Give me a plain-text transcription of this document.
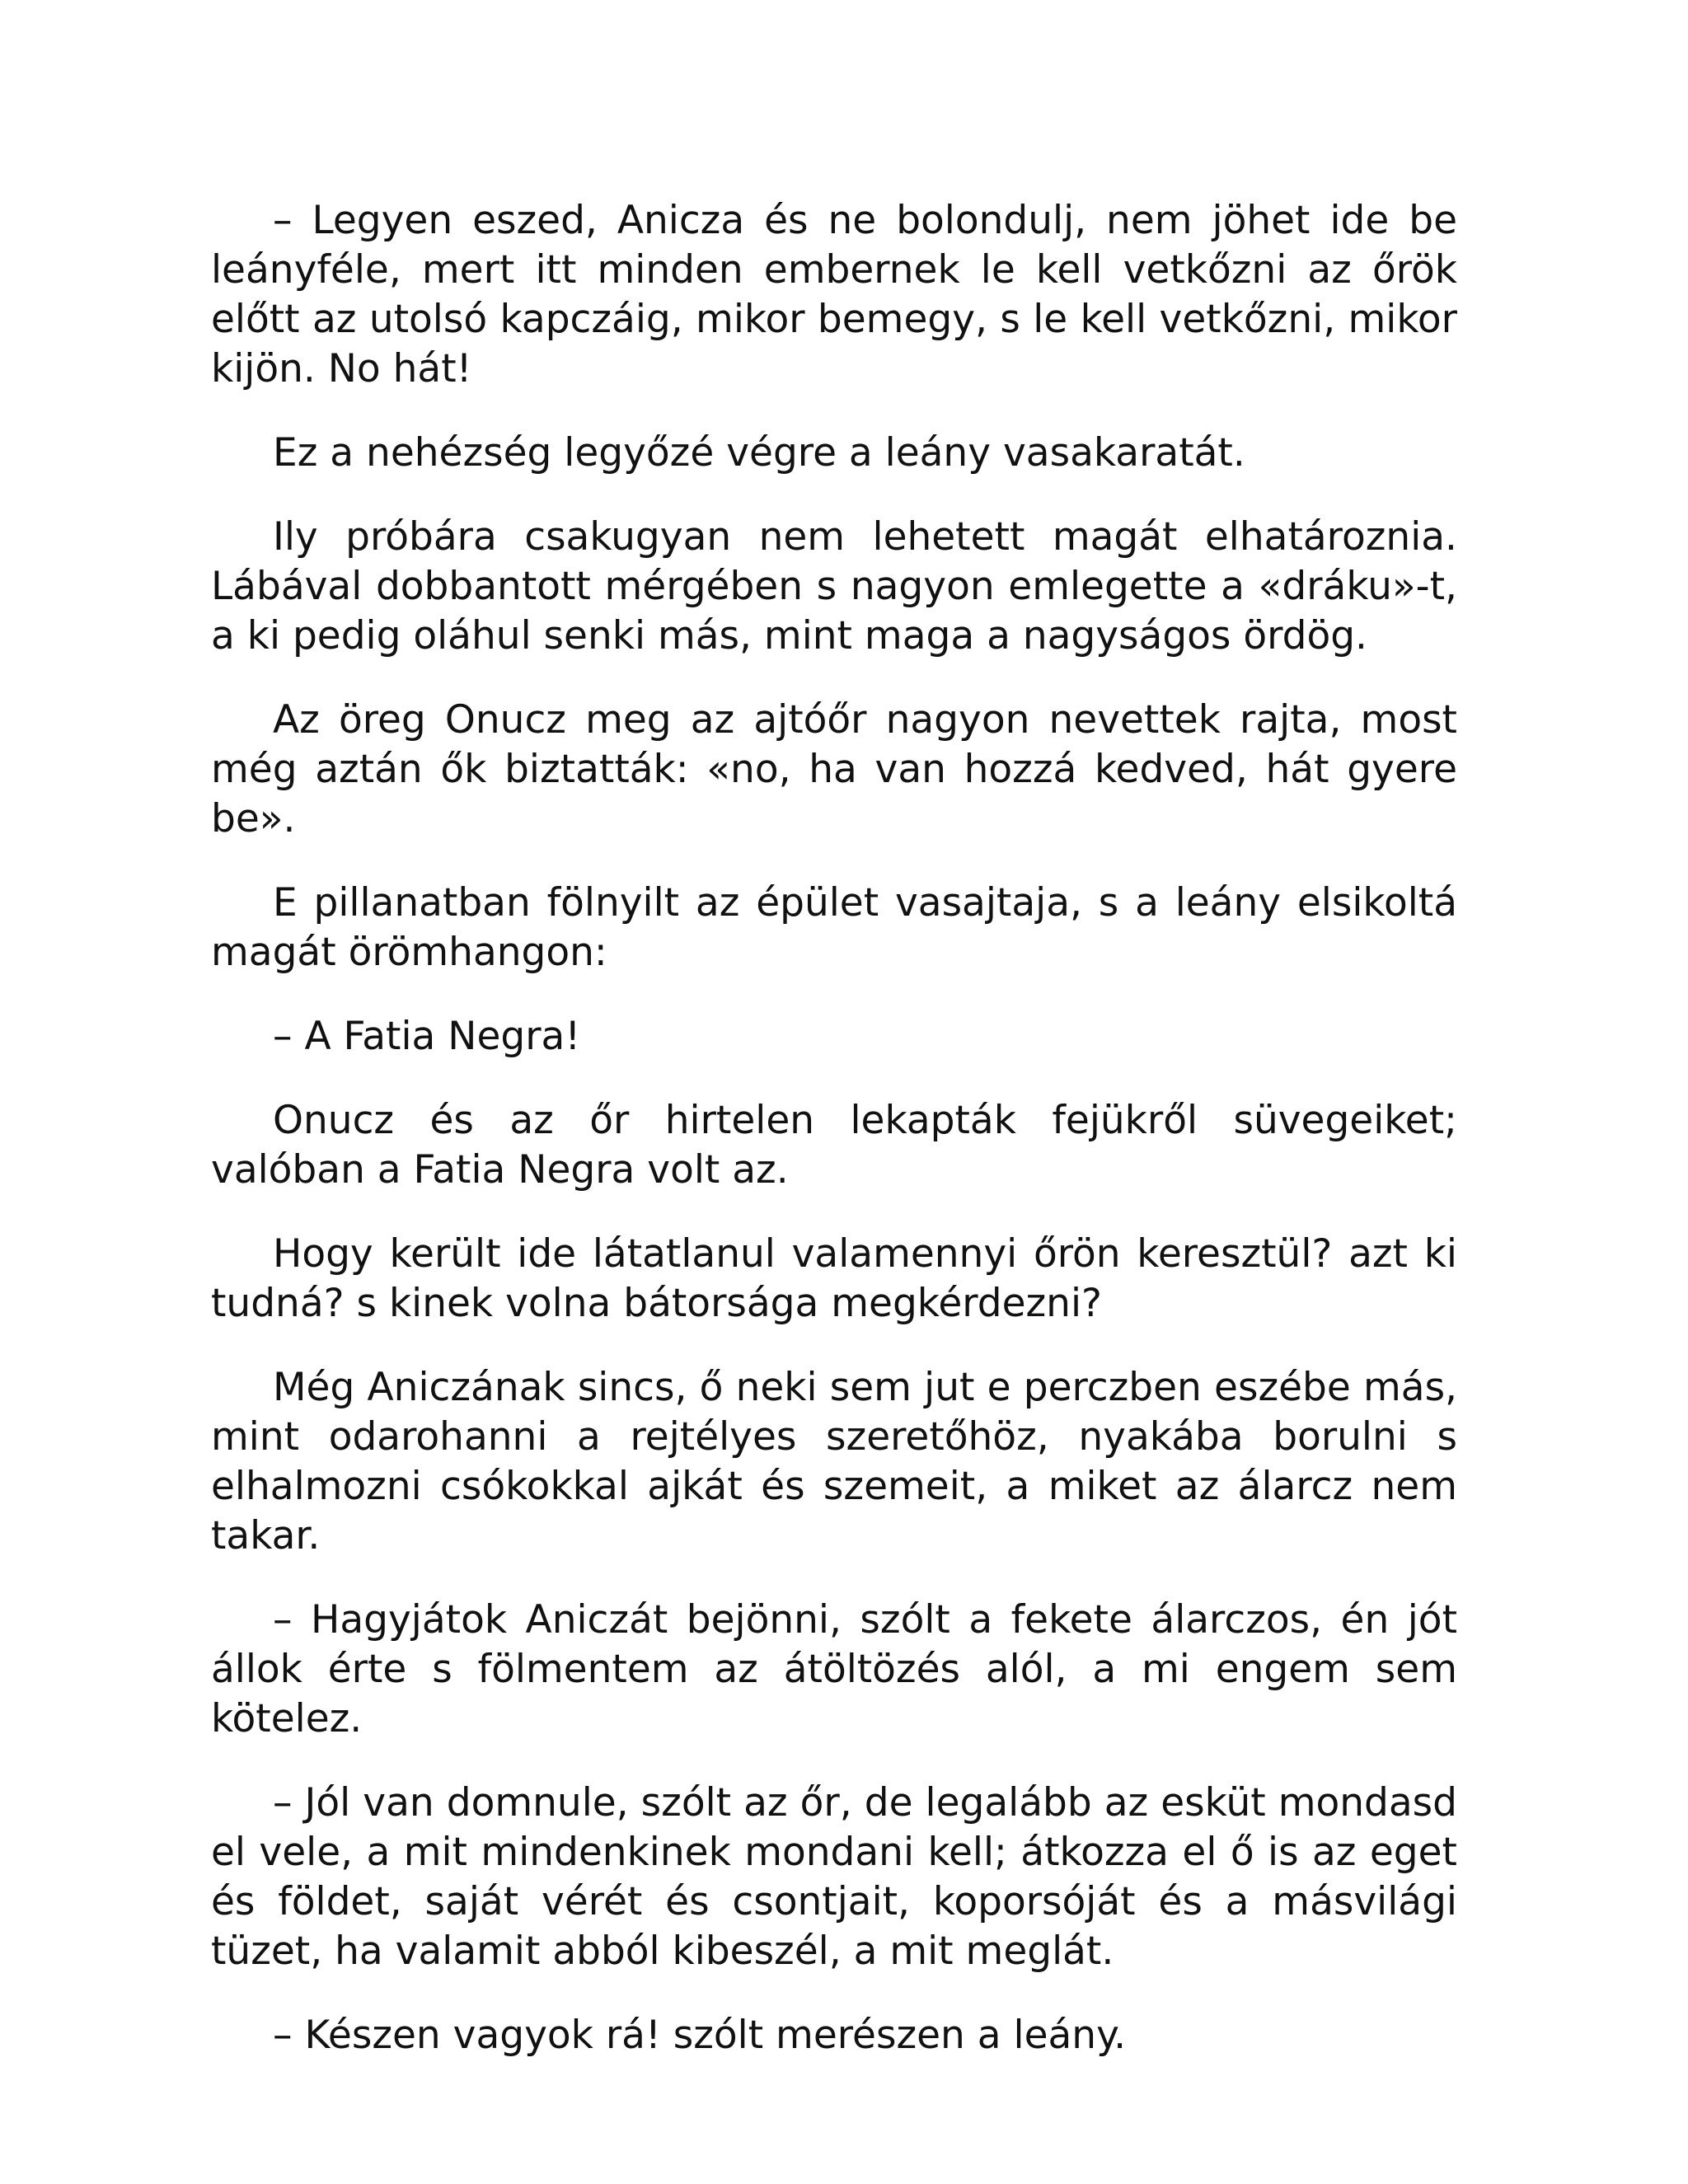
– Legyen eszed, Anicza és ne bolondulj, nem jöhet ide be leányféle, mert itt minden embernek le kell vetkőzni az őrök előtt az utolsó kapczáig, mikor bemegy, s le kell vetkőzni, mikor kijön. No hát!

Ez a nehézség legyőzé végre a leány vasakaratát.

Ily próbára csakugyan nem lehetett magát elhatároznia. Lábával dobbantott mérgében s nagyon emlegette a «dráku»-t, a ki pedig oláhul senki más, mint maga a nagyságos ördög.

Az öreg Onucz meg az ajtóőr nagyon nevettek rajta, most még aztán ők biztatták: «no, ha van hozzá kedved, hát gyere be».

E pillanatban fölnyilt az épület vasajtaja, s a leány elsikoltá magát örömhangon:

– A Fatia Negra!

Onucz és az őr hirtelen lekapták fejükről süvegeiket; valóban a Fatia Negra volt az.

Hogy került ide látatlanul valamennyi őrön keresztül? azt ki tudná? s kinek volna bátorsága megkérdezni?

Még Aniczának sincs, ő neki sem jut e perczben eszébe más, mint odarohanni a rejtélyes szeretőhöz, nyakába borulni s elhalmozni csókokkal ajkát és szemeit, a miket az álarcz nem takar.

– Hagyjátok Aniczát bejönni, szólt a fekete álarczos, én jót állok érte s fölmentem az átöltözés alól, a mi engem sem kötelez.

– Jól van domnule, szólt az őr, de legalább az esküt mondasd el vele, a mit mindenkinek mondani kell; átkozza el ő is az eget és földet, saját vérét és csontjait, koporsóját és a másvilági tüzet, ha valamit abból kibeszél, a mit meglát.

– Készen vagyok rá! szólt merészen a leány.
